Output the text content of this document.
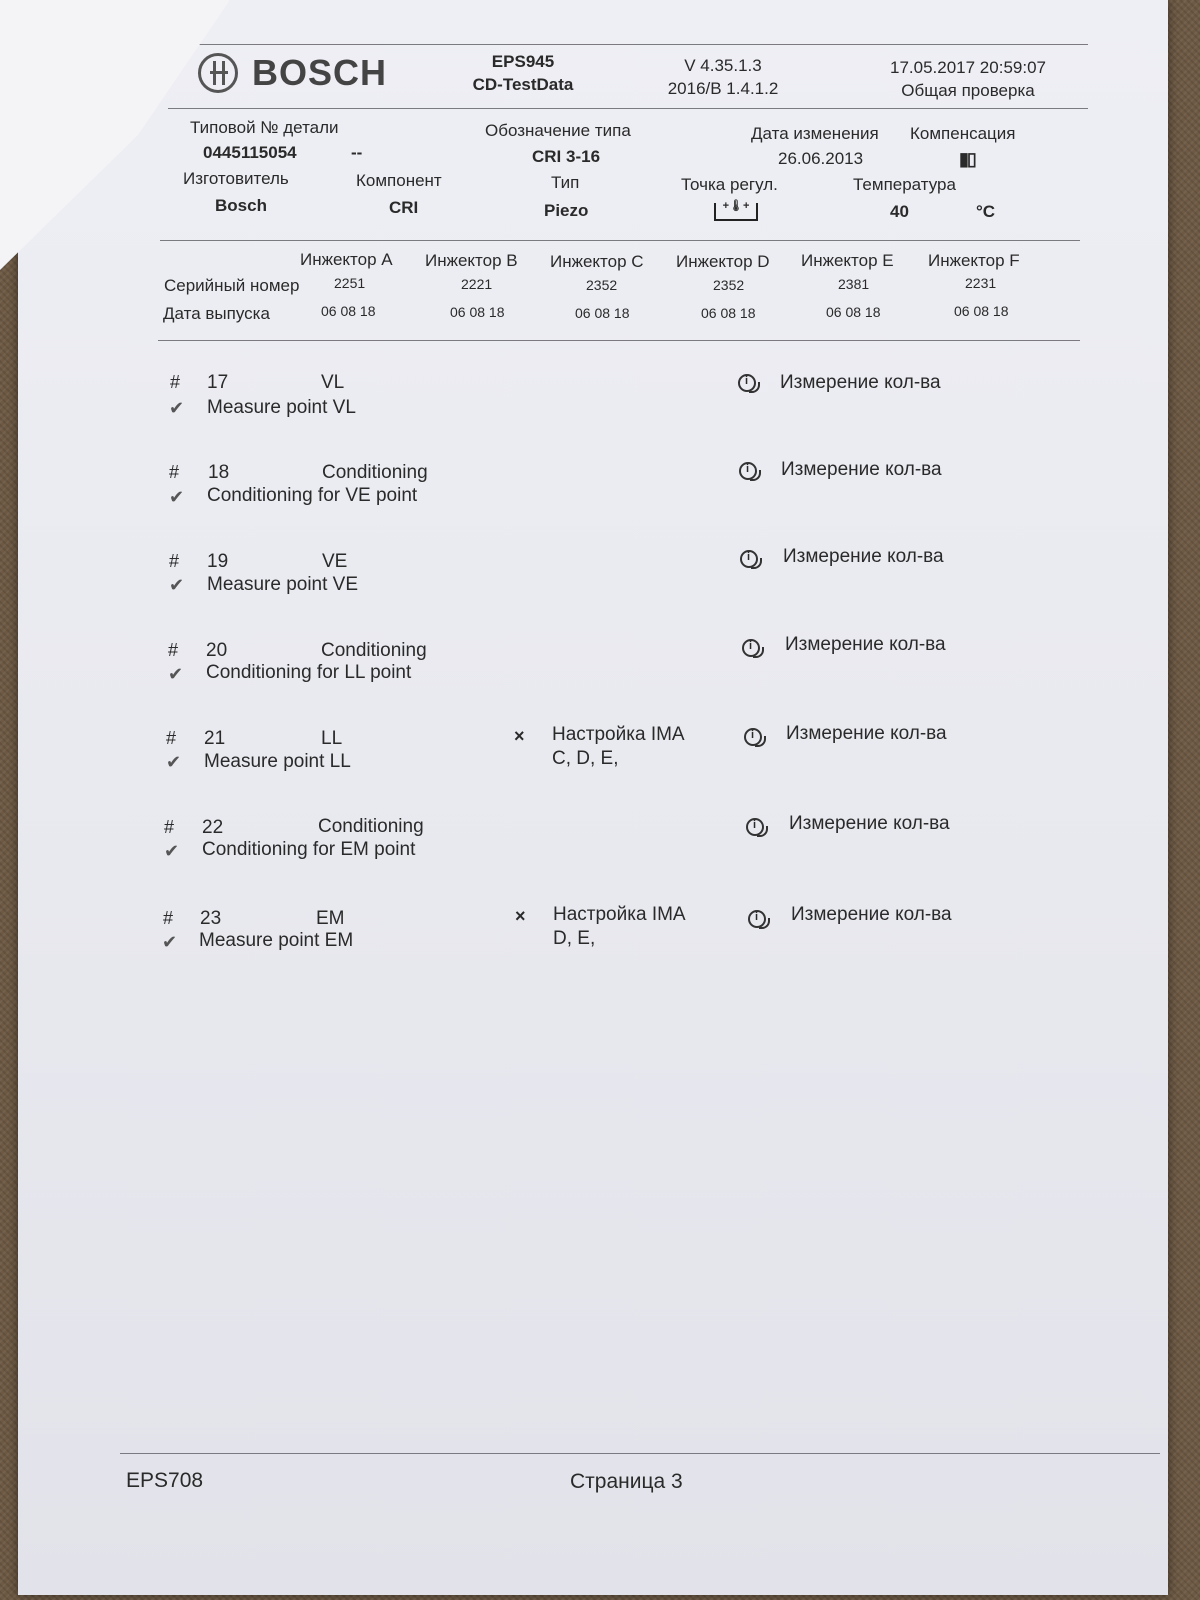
BOSCH	EPS945
CD-TestData
V 4.35.1.3
2016/B 1.4.1.2
17.05.2017 20:59:07
Общая проверка
Типовой № детали
0445115054	--
Обозначение типа
CRI 3-16
Дата изменения
26.06.2013
Компенсация
▮▯
Изготовитель
Bosch
Компонент
CRI
Тип
Piezo
Точка регул.
+🌡+
Температура
40	°C
Инжектор A Инжектор B Инжектор C Инжектор D Инжектор E Инжектор F
Серийный номер 2251	2221	2352	2352	2381	2231
Дата выпуска	06 08 18	06 08 18	06 08 18	06 08 18	06 08 18	06 08 18
# 17	VL
✔ Measure point VL
i Измерение кол-ва
# 18	Conditioning
✔ Conditioning for VE point
i Измерение кол-ва
# 19	VE
✔ Measure point VE
i Измерение кол-ва
# 20	Conditioning
✔ Conditioning for LL point
i Измерение кол-ва
# 21	LL
✔ Measure point LL
× Настройка IMA
C, D, E,
i Измерение кол-ва
# 22	Conditioning
✔ Conditioning for EM point
i Измерение кол-ва
# 23	EM
✔ Measure point EM
× Настройка IMA
D, E,
i Измерение кол-ва
EPS708	Страница 3
